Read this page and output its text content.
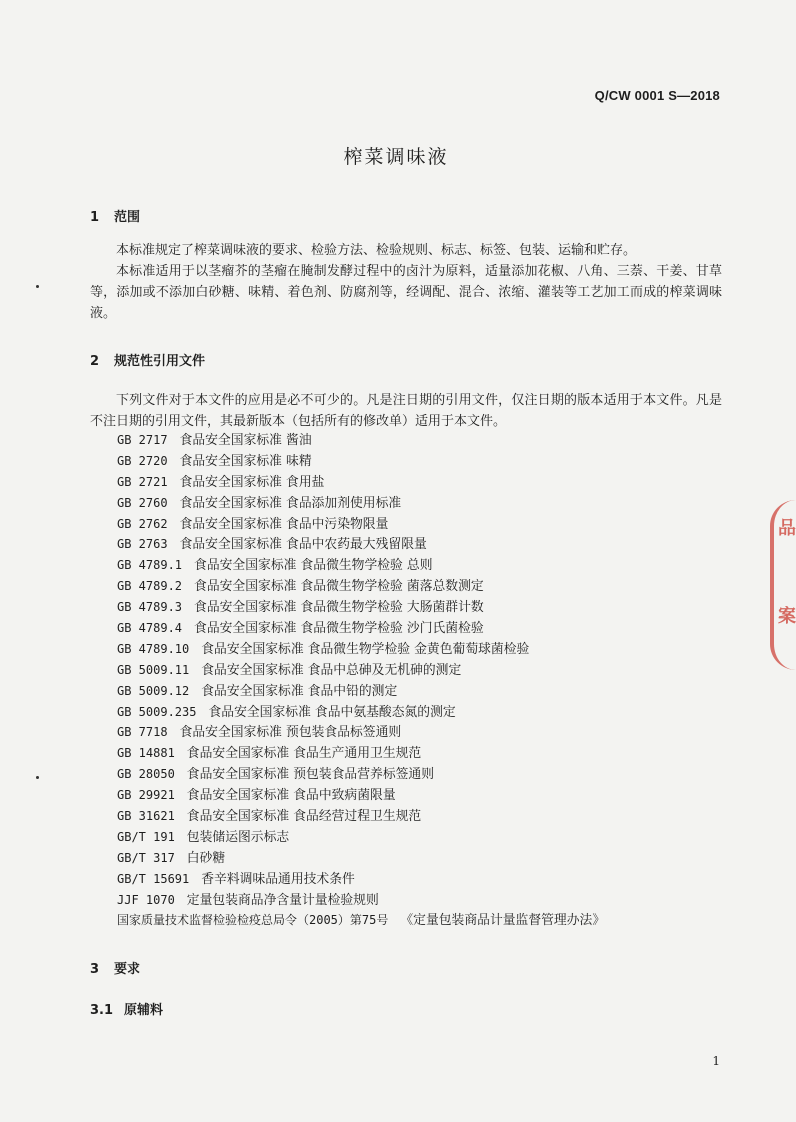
Q/CW 0001 S—2018
榨菜调味液
1 范围

本标准规定了榨菜调味液的要求、检验方法、检验规则、标志、标签、包装、运输和贮存。

本标准适用于以茎瘤芥的茎瘤在腌制发酵过程中的卤汁为原料，适量添加花椒、八角、三萘、干姜、甘草等，添加或不添加白砂糖、味精、着色剂、防腐剂等，经调配、混合、浓缩、灌装等工艺加工而成的榨菜调味液。

2 规范性引用文件

下列文件对于本文件的应用是必不可少的。凡是注日期的引用文件，仅注日期的版本适用于本文件。凡是不注日期的引用文件，其最新版本（包括所有的修改单）适用于本文件。

GB 2717 食品安全国家标准 酱油
GB 2720 食品安全国家标准 味精
GB 2721 食品安全国家标准 食用盐
GB 2760 食品安全国家标准 食品添加剂使用标准
GB 2762 食品安全国家标准 食品中污染物限量
GB 2763 食品安全国家标准 食品中农药最大残留限量
GB 4789.1 食品安全国家标准 食品微生物学检验 总则
GB 4789.2 食品安全国家标准 食品微生物学检验 菌落总数测定
GB 4789.3 食品安全国家标准 食品微生物学检验 大肠菌群计数
GB 4789.4 食品安全国家标准 食品微生物学检验 沙门氏菌检验
GB 4789.10 食品安全国家标准 食品微生物学检验 金黄色葡萄球菌检验
GB 5009.11 食品安全国家标准 食品中总砷及无机砷的测定
GB 5009.12 食品安全国家标准 食品中铅的测定
GB 5009.235 食品安全国家标准 食品中氨基酸态氮的测定
GB 7718 食品安全国家标准 预包装食品标签通则
GB 14881 食品安全国家标准 食品生产通用卫生规范
GB 28050 食品安全国家标准 预包装食品营养标签通则
GB 29921 食品安全国家标准 食品中致病菌限量
GB 31621 食品安全国家标准 食品经营过程卫生规范
GB/T 191 包装储运图示标志
GB/T 317 白砂糖
GB/T 15691 香辛料调味品通用技术条件
JJF 1070 定量包装商品净含量计量检验规则
国家质量技术监督检验检疫总局令（2005）第75号 《定量包装商品计量监督管理办法》
3 要求
3.1 原辅料
1
品
案
